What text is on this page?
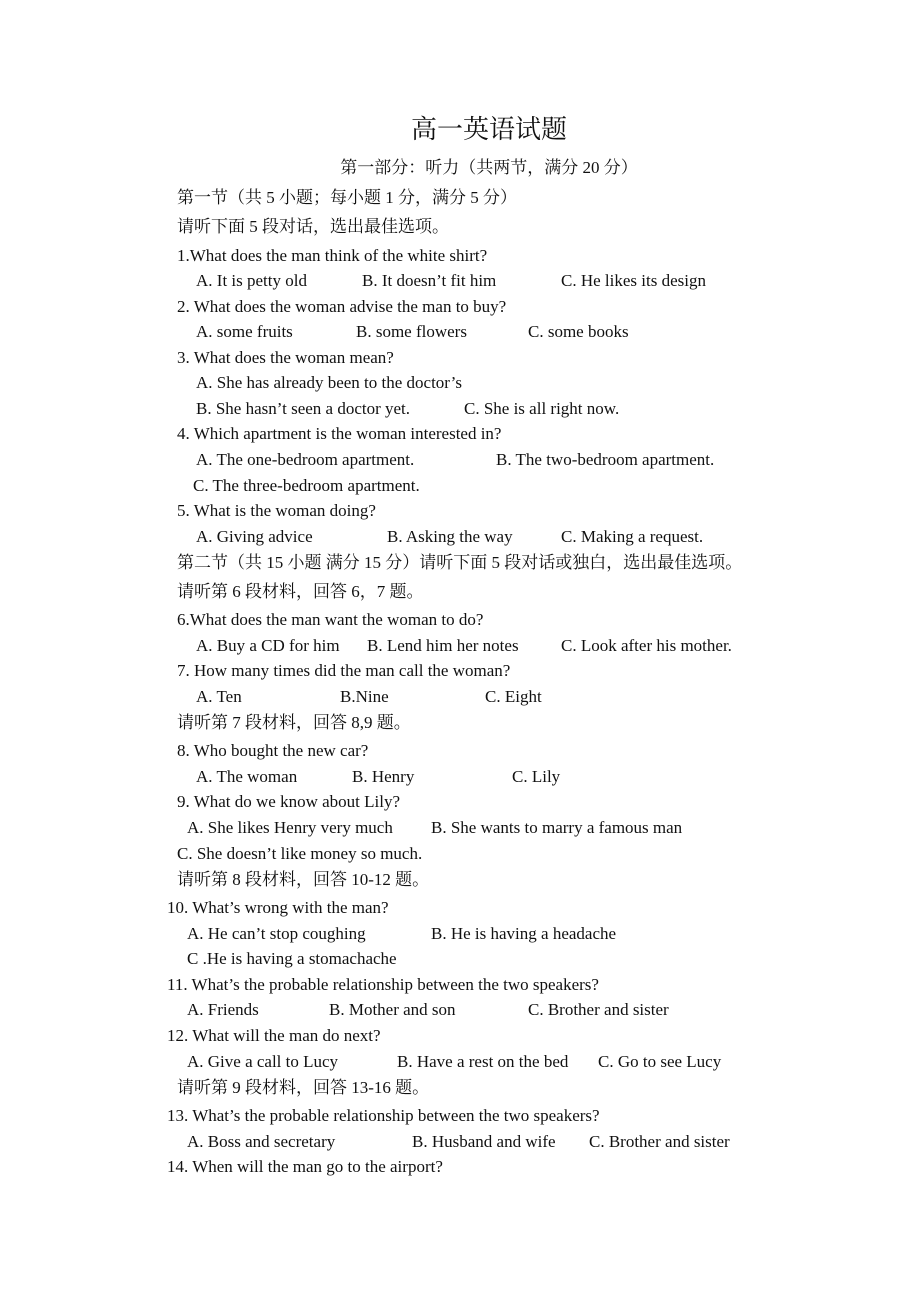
高一英语试题
第一部分：听力（共两节，满分 20 分）
第一节（共 5 小题；每小题 1 分，满分 5 分）
请听下面 5 段对话，选出最佳选项。
1.What does the man think of the white shirt?
A. It is petty old	B. It doesn’t fit him	C. He likes its design
2. What does the woman advise the man to buy?
A. some fruits	B. some flowers	C. some books
3. What does the woman mean?
A. She has already been to the doctor’s
B. She hasn’t seen a doctor yet.	C. She is all right now.
4. Which apartment is the woman interested in?
A. The one-bedroom apartment.	B. The two-bedroom apartment.
C. The three-bedroom apartment.
5. What is the woman doing?
A. Giving advice	B. Asking the way	C. Making a request.
第二节（共 15 小题 满分 15 分）请听下面 5 段对话或独白，选出最佳选项。
请听第 6 段材料，回答 6，7 题。
6.What does the man want the woman to do?
A. Buy a CD for him B. Lend him her notes C. Look after his mother.
7. How many times did the man call the woman?
A. Ten	B.Nine	C. Eight
请听第 7 段材料，回答 8,9 题。
8. Who bought the new car?
A. The woman	B. Henry	C. Lily
9. What do we know about Lily?
A. She likes Henry very much B. She wants to marry a famous man
C. She doesn’t like money so much.
请听第 8 段材料，回答 10-12 题。
10. What’s wrong with the man?
A. He can’t stop coughing	B. He is having a headache
C .He is having a stomachache
11. What’s the probable relationship between the two speakers?
A. Friends	B. Mother and son	C. Brother and sister
12. What will the man do next?
A. Give a call to Lucy	B. Have a rest on the bed C. Go to see Lucy
请听第 9 段材料，回答 13-16 题。
13. What’s the probable relationship between the two speakers?
A. Boss and secretary	B. Husband and wife C. Brother and sister
14. When will the man go to the airport?
